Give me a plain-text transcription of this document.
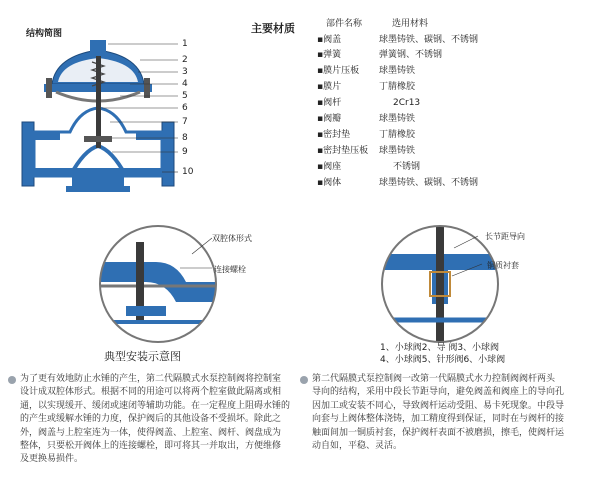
结构简图
1
2
3
4
5
6
7
8
9
10
主要材质	部件名称	选用材料
▪阀盖	球墨铸铁、碳钢、不锈钢
▪弹簧	弹簧钢、不锈钢
▪膜片压板 球墨铸铁
▪膜片	丁腈橡胶
▪阀杆	2Cr13
▪阀瓣	球墨铸铁
▪密封垫	丁腈橡胶
▪密封垫压板 球墨铸铁
▪阀座	不锈钢
▪阀体	球墨铸铁、碳钢、不锈钢
双腔体形式
连接螺栓
典型安装示意图
长节距导向
铜质衬套
1、小球阀2、导 阀3、小球阀
4、小球阀5、针形阀6、小球阀

为了更有效地防止水锤的产生，第二代隔膜式水泵控制阀将控制室

设计成双腔体形式。根据不同的用途可以将两个腔室做此隔离或相

通，以实现缓开、缓闭或速闭等辅助功能。在一定程度上阻碍水锤的

的产生或缓解水锤的力度，保护阀后的其他设备不受损坏。除此之

外，阀盖与上腔室连为一体，使得阀盖、上腔室、阀杆、阀盘成为

整体，只要松开阀体上的连接螺栓，即可将其一并取出，方便维修

及更换易损件。

第二代隔膜式泵控制阀一改第一代隔膜式水力控制阀阀杆两头

导向的结构，采用中段长节距导向，避免阀盖和阀座上的导向孔

因加工或安装不同心，导致阀杆运动受阻、易卡死现象。中段导

向套与上阀体整体浇铸，加工精度得到保证，同时在与阀杆的接

触面间加一铜质衬套，保护阀杆表面不被磨损，擦毛，使阀杆运

动自如，平稳、灵活。
